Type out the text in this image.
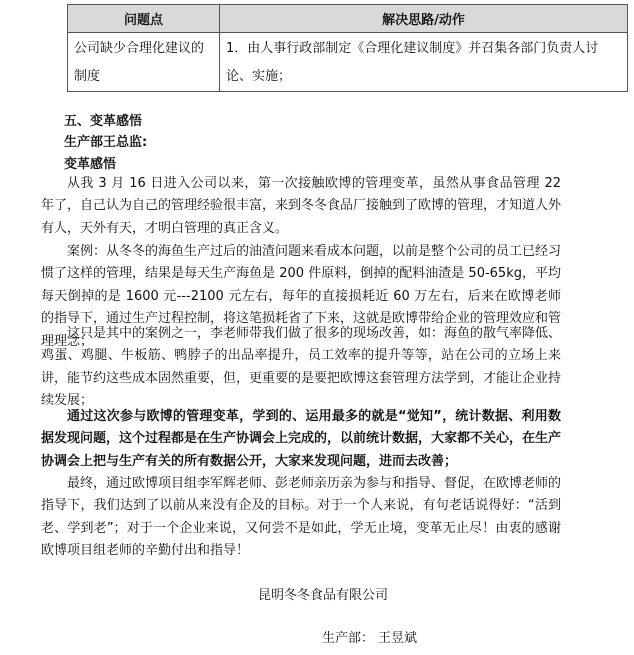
问题点	解决思路/动作
公司缺少合理化建议的制度	1．由人事行政部制定《合理化建议制度》并召集各部门负责人讨论、实施；
五、变革感悟
生产部王总监:
变革感悟

从我 3 月 16 日进入公司以来，第一次接触欧博的管理变革，虽然从事食品管理 22 年了，自己认为自己的管理经验很丰富，来到冬冬食品厂接触到了欧博的管理，才知道人外有人，天外有天，才明白管理的真正含义。

案例：从冬冬的海鱼生产过后的油渣问题来看成本问题，以前是整个公司的员工已经习惯了这样的管理，结果是每天生产海鱼是 200 件原料，倒掉的配料油渣是 50-65kg，平均每天倒掉的是 1600 元---2100 元左右，每年的直接损耗近 60 万左右，后来在欧博老师的指导下，通过生产过程控制，将这笔损耗省了下来，这就是欧博带给企业的管理效应和管理理念；

这只是其中的案例之一，李老师带我们做了很多的现场改善，如：海鱼的散气率降低、鸡蛋、鸡腿、牛板筋、鸭脖子的出品率提升，员工效率的提升等等，站在公司的立场上来讲，能节约这些成本固然重要，但，更重要的是要把欧博这套管理方法学到，才能让企业持续发展；

通过这次参与欧博的管理变革，学到的、运用最多的就是“觉知”，统计数据、利用数据发现问题，这个过程都是在生产协调会上完成的，以前统计数据，大家都不关心，在生产协调会上把与生产有关的所有数据公开，大家来发现问题，进而去改善；

最终，通过欧博项目组李军辉老师、彭老师亲历亲为参与和指导、督促，在欧博老师的指导下，我们达到了以前从来没有企及的目标。对于一个人来说，有句老话说得好：“活到老、学到老”；对于一个企业来说，又何尝不是如此，学无止境，变革无止尽！由衷的感谢欧博项目组老师的辛勤付出和指导！

昆明冬冬食品有限公司
生产部： 王昱斌
